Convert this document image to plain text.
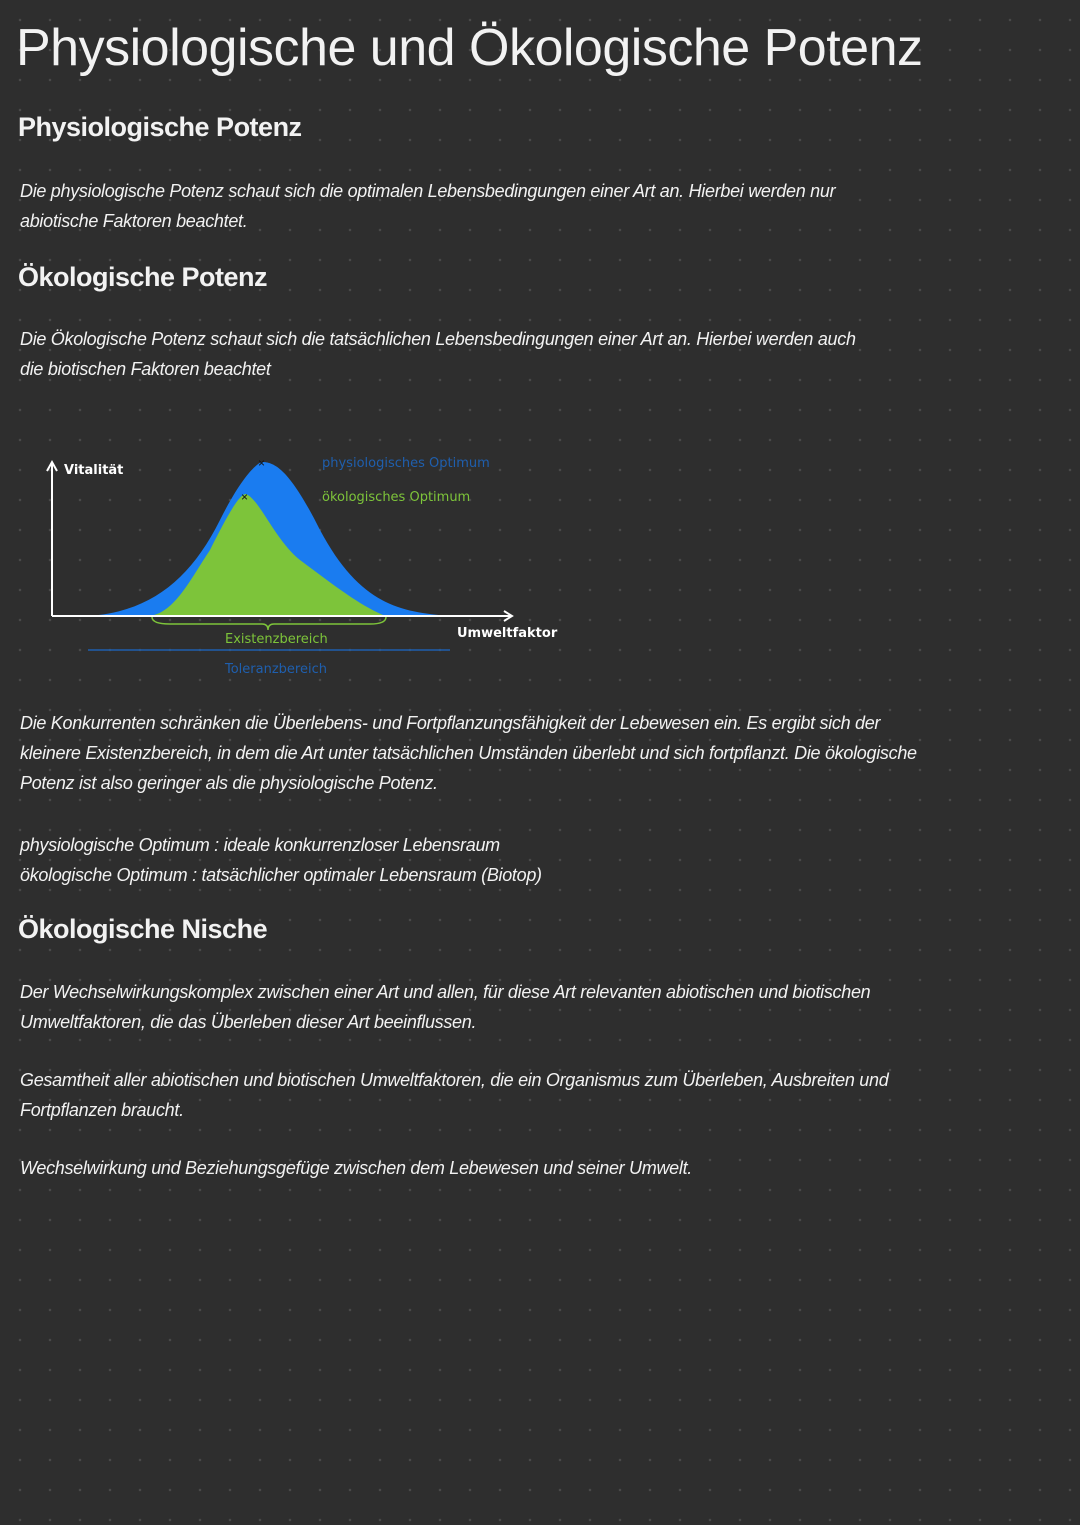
Physiologische und Ökologische Potenz
Physiologische Potenz
Die physiologische Potenz schaut sich die optimalen Lebensbedingungen einer Art an. Hierbei werden nur
abiotische Faktoren beachtet.
Ökologische Potenz
Die Ökologische Potenz schaut sich die tatsächlichen Lebensbedingungen einer Art an. Hierbei werden auch
die biotischen Faktoren beachtet
×
×
Vitalität
Umweltfaktor
physiologisches Optimum
ökologisches Optimum
Existenzbereich
Toleranzbereich
Die Konkurrenten schränken die Überlebens- und Fortpflanzungsfähigkeit der Lebewesen ein. Es ergibt sich der
kleinere Existenzbereich, in dem die Art unter tatsächlichen Umständen überlebt und sich fortpflanzt. Die ökologische
Potenz ist also geringer als die physiologische Potenz.
physiologische Optimum : ideale konkurrenzloser Lebensraum
ökologische Optimum : tatsächlicher optimaler Lebensraum (Biotop)
Ökologische Nische
Der Wechselwirkungskomplex zwischen einer Art und allen, für diese Art relevanten abiotischen und biotischen
Umweltfaktoren, die das Überleben dieser Art beeinflussen.
Gesamtheit aller abiotischen und biotischen Umweltfaktoren, die ein Organismus zum Überleben, Ausbreiten und
Fortpflanzen braucht.
Wechselwirkung und Beziehungsgefüge zwischen dem Lebewesen und seiner Umwelt.
